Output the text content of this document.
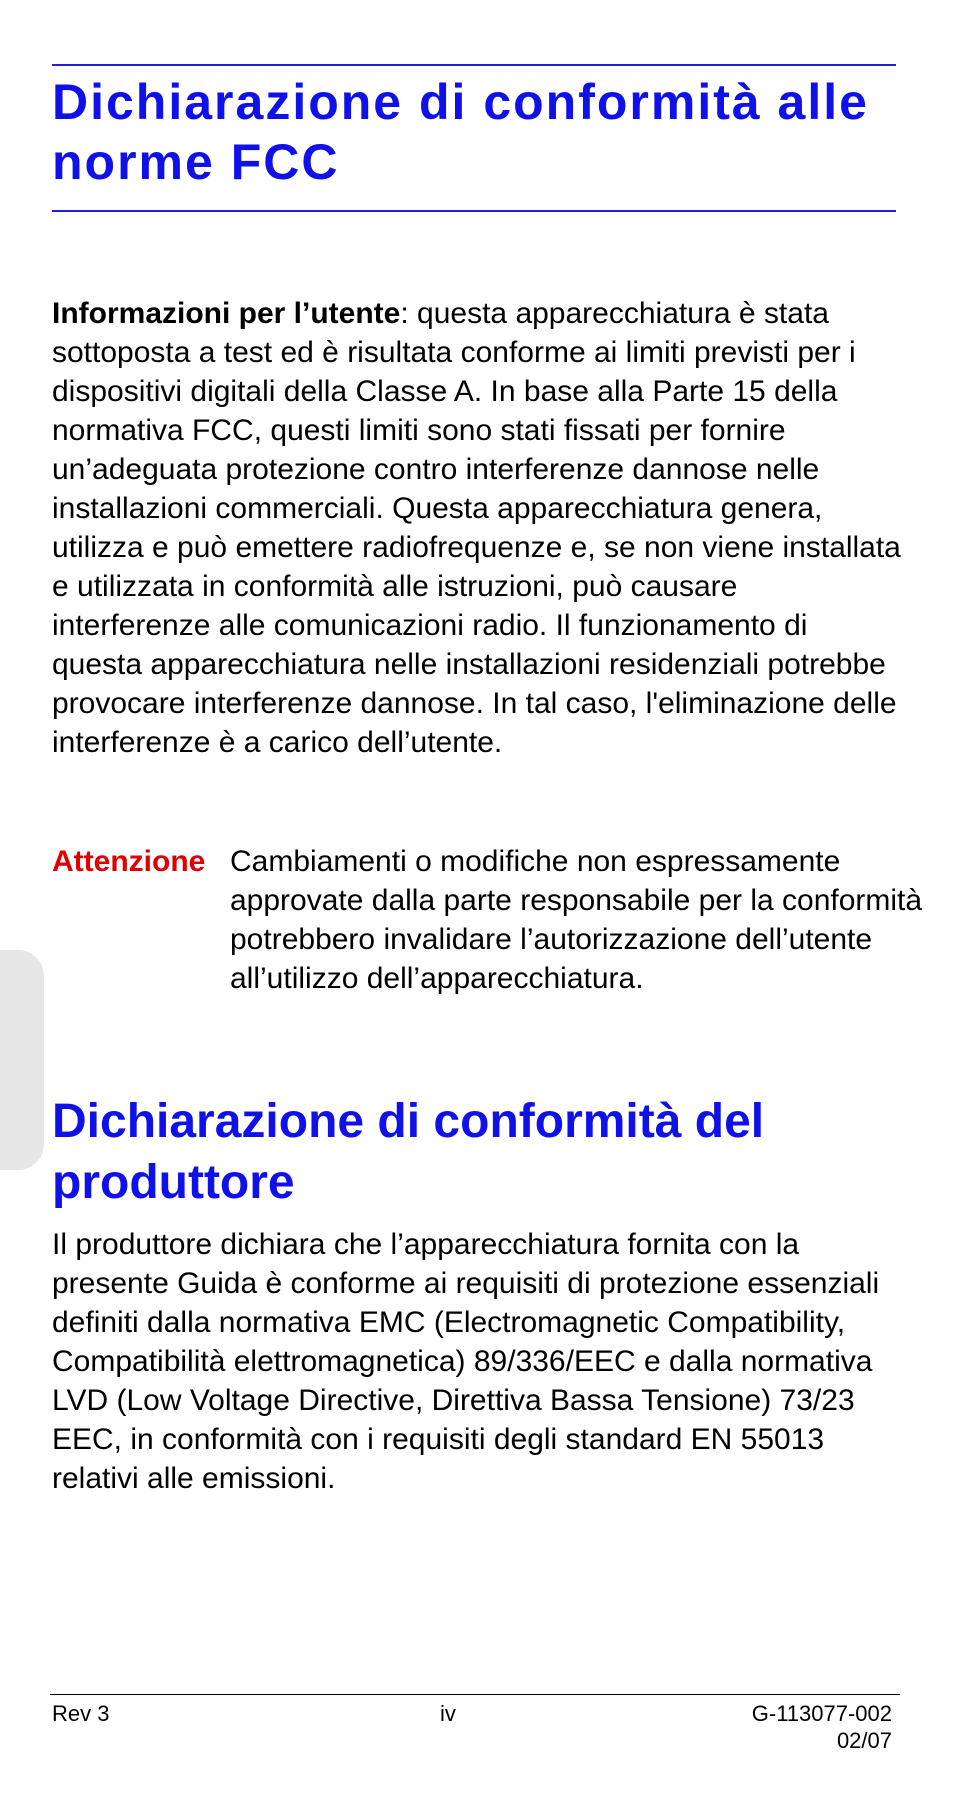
Dichiarazione di conformità alle norme FCC

Informazioni per l’utente: questa apparecchiatura è stata sottoposta a test ed è risultata conforme ai limiti previsti per i dispositivi digitali della Classe A. In base alla Parte 15 della normativa FCC, questi limiti sono stati fissati per fornire un’adeguata protezione contro interferenze dannose nelle installazioni commerciali. Questa apparecchiatura genera, utilizza e può emettere radiofrequenze e, se non viene installata e utilizzata in conformità alle istruzioni, può causare interferenze alle comunicazioni radio. Il funzionamento di questa apparecchiatura nelle installazioni residenziali potrebbe provocare interferenze dannose. In tal caso, l'eliminazione delle interferenze è a carico dell’utente.

Attenzione Cambiamenti o modifiche non espressamente approvate dalla parte responsabile per la conformità potrebbero invalidare l’autorizzazione dell’utente all’utilizzo dell’apparecchiatura.

Dichiarazione di conformità del produttore

Il produttore dichiara che l’apparecchiatura fornita con la presente Guida è conforme ai requisiti di protezione essenziali definiti dalla normativa EMC (Electromagnetic Compatibility, Compatibilità elettromagnetica) 89/336/EEC e dalla normativa LVD (Low Voltage Directive, Direttiva Bassa Tensione) 73/23 EEC, in conformità con i requisiti degli standard EN 55013 relativi alle emissioni.

Rev 3	iv	G-113077-002
02/07
